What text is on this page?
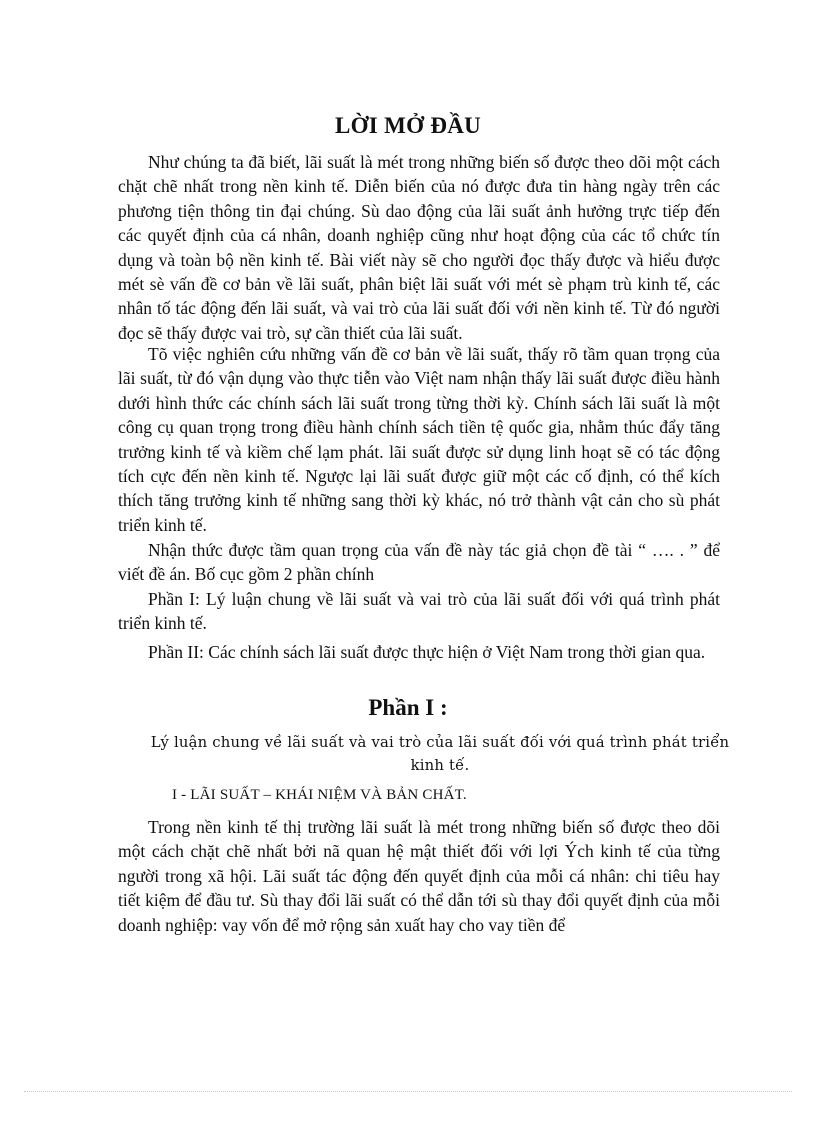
LỜI MỞ ĐẦU

Như chúng ta đã biết, lãi suất là mét trong những biến số được theo dõi một cách chặt chẽ nhất trong nền kinh tế. Diễn biến của nó được đưa tin hàng ngày trên các phương tiện thông tin đại chúng. Sù dao động của lãi suất ảnh hưởng trực tiếp đến các quyết định của cá nhân, doanh nghiệp cũng như hoạt động của các tổ chức tín dụng và toàn bộ nền kinh tế. Bài viết này sẽ cho người đọc thấy được và hiểu được mét sè vấn đề cơ bản về lãi suất, phân biệt lãi suất với mét sè phạm trù kinh tế, các nhân tố tác động đến lãi suất, và vai trò của lãi suất đối với nền kinh tế. Từ đó người đọc sẽ thấy được vai trò, sự cần thiết của lãi suất.

Tõ việc nghiên cứu những vấn đề cơ bản về lãi suất, thấy rõ tầm quan trọng của lãi suất, từ đó vận dụng vào thực tiễn vào Việt nam nhận thấy lãi suất được điều hành dưới hình thức các chính sách lãi suất trong từng thời kỳ. Chính sách lãi suất là một công cụ quan trọng trong điều hành chính sách tiền tệ quốc gia, nhằm thúc đẩy tăng trưởng kinh tế và kiềm chế lạm phát. lãi suất được sử dụng linh hoạt sẽ có tác động tích cực đến nền kinh tế. Ngược lại lãi suất được giữ một các cố định, có thể kích thích tăng trưởng kinh tế những sang thời kỳ khác, nó trở thành vật cản cho sù phát triển kinh tế.

Nhận thức được tầm quan trọng của vấn đề này tác giả chọn đề tài “ …. . ” để viết đề án. Bố cục gồm 2 phần chính

Phần I: Lý luận chung về lãi suất và vai trò của lãi suất đối với quá trình phát triển kinh tế.

Phần II: Các chính sách lãi suất được thực hiện ở Việt Nam trong thời gian qua.

Phần I :

Lý luận chung về lãi suất và vai trò của lãi suất đối với quá trình phát triển kinh tế.

I - LÃI SUẤT – KHÁI NIỆM VÀ BẢN CHẤT.

Trong nền kinh tế thị trường lãi suất là mét trong những biến số được theo dõi một cách chặt chẽ nhất bởi nã quan hệ mật thiết đối với lợi Ých kinh tế của từng người trong xã hội. Lãi suất tác động đến quyết định của mỗi cá nhân: chi tiêu hay tiết kiệm để đầu tư. Sù thay đổi lãi suất có thể dẫn tới sù thay đổi quyết định của mỗi doanh nghiệp: vay vốn để mở rộng sản xuất hay cho vay tiền để
